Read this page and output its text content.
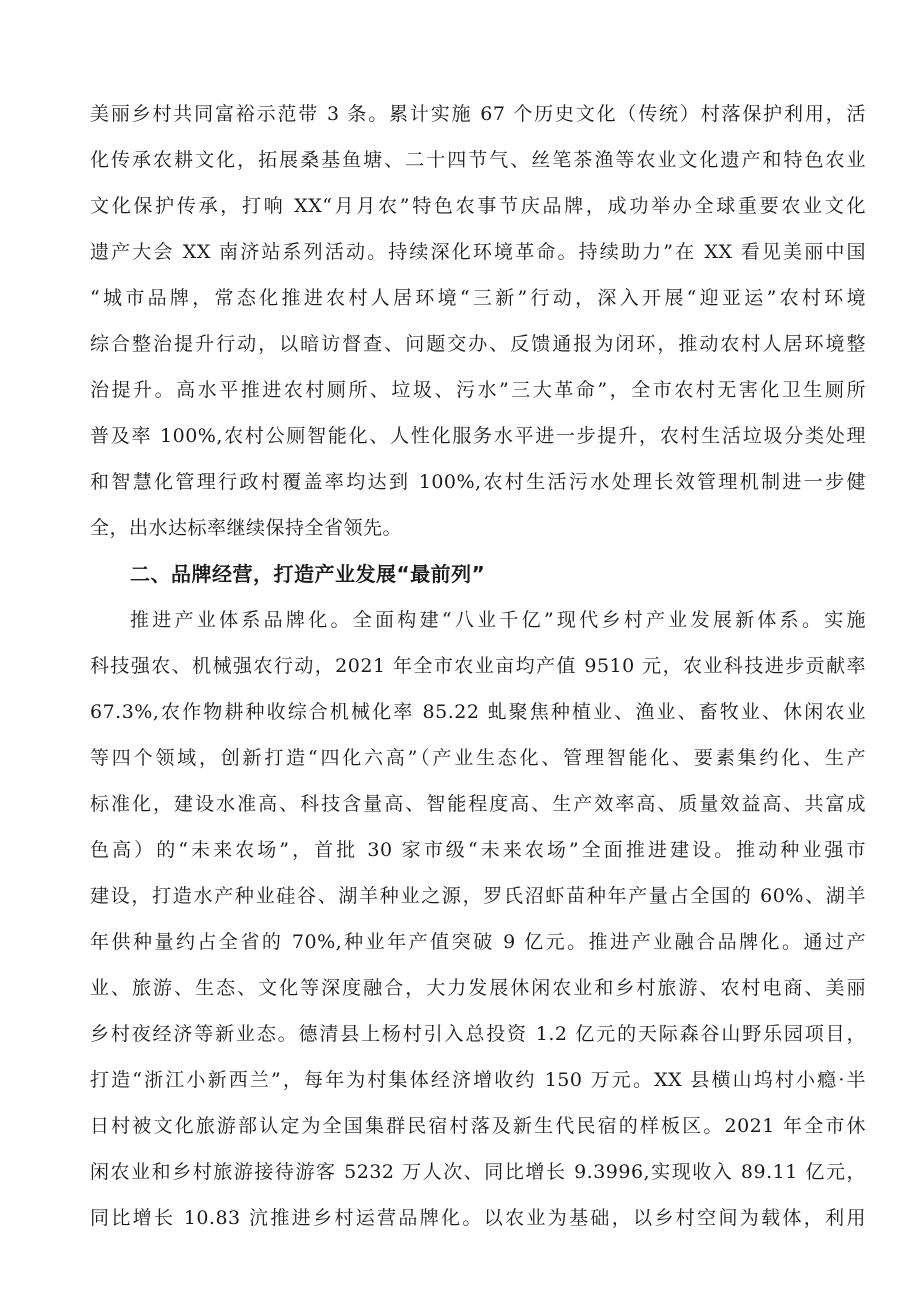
美丽乡村共同富裕示范带 3 条。累计实施 67 个历史文化（传统）村落保护利用，活
化传承农耕文化，拓展桑基鱼塘、二十四节气、丝笔茶渔等农业文化遗产和特色农业
文化保护传承，打响 XX“月月农”特色农事节庆品牌，成功举办全球重要农业文化
遗产大会 XX 南济站系列活动。持续深化环境革命。持续助力”在 XX 看见美丽中国
“城市品牌，常态化推进农村人居环境“三新”行动，深入开展“迎亚运”农村环境
综合整治提升行动，以暗访督查、问题交办、反馈通报为闭环，推动农村人居环境整
治提升。高水平推进农村厕所、垃圾、污水”三大革命”，全市农村无害化卫生厕所
普及率 100%,农村公厕智能化、人性化服务水平进一步提升，农村生活垃圾分类处理
和智慧化管理行政村覆盖率均达到 100%,农村生活污水处理长效管理机制进一步健
全，出水达标率继续保持全省领先。
二、品牌经营，打造产业发展“最前列”
推进产业体系品牌化。全面构建“八业千亿”现代乡村产业发展新体系。实施
科技强农、机械强农行动，2021 年全市农业亩均产值 9510 元，农业科技进步贡献率
67.3%,农作物耕种收综合机械化率 85.22 虬聚焦种植业、渔业、畜牧业、休闲农业
等四个领域，创新打造“四化六高”（产业生态化、管理智能化、要素集约化、生产
标准化，建设水准高、科技含量高、智能程度高、生产效率高、质量效益高、共富成
色高）的“未来农场”，首批 30 家市级“未来农场”全面推进建设。推动种业强市
建设，打造水产种业硅谷、湖羊种业之源，罗氏沼虾苗种年产量占全国的 60%、湖羊
年供种量约占全省的 70%,种业年产值突破 9 亿元。推进产业融合品牌化。通过产
业、旅游、生态、文化等深度融合，大力发展休闲农业和乡村旅游、农村电商、美丽
乡村夜经济等新业态。德清县上杨村引入总投资 1.2 亿元的天际森谷山野乐园项目，
打造“浙江小新西兰”，每年为村集体经济增收约 150 万元。XX 县横山坞村小瘾·半
日村被文化旅游部认定为全国集群民宿村落及新生代民宿的样板区。2021 年全市休
闲农业和乡村旅游接待游客 5232 万人次、同比增长 9.3996,实现收入 89.11 亿元，
同比增长 10.83 沆推进乡村运营品牌化。以农业为基础，以乡村空间为载体，利用
